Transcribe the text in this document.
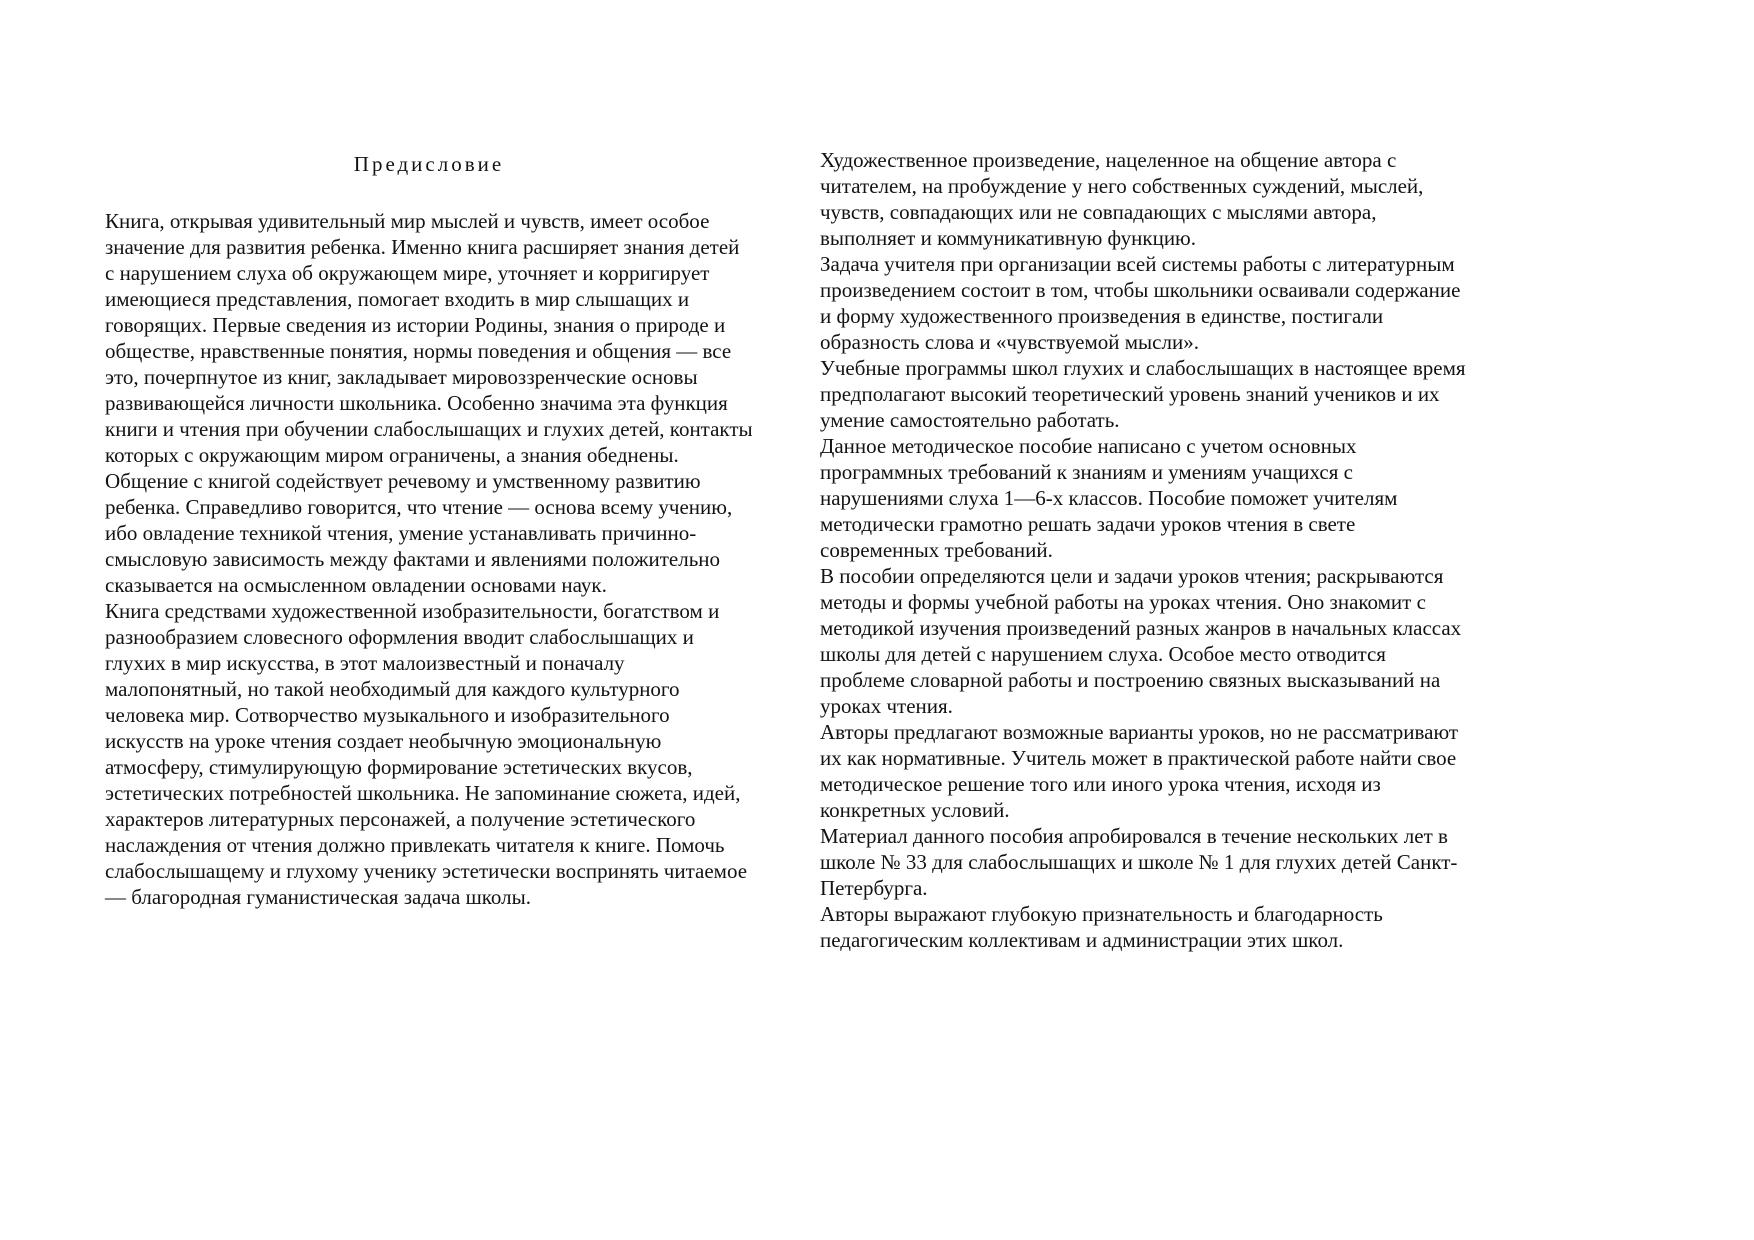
Предисловие

Книга, открывая удивительный мир мыслей и чувств, имеет особое значение для развития ребенка. Именно книга расширяет знания детей с нарушением слуха об окружающем мире, уточняет и корригирует имеющиеся представления, помогает входить в мир слышащих и говорящих. Первые сведения из истории Родины, знания о природе и обществе, нравственные понятия, нормы поведения и общения — все это, почерпнутое из книг, закладывает мировоззренческие основы развивающейся личности школьника. Особенно значима эта функция книги и чтения при обучении слабослышащих и глухих детей, контакты которых с окружающим миром ограничены, а знания обеднены.

Общение с книгой содействует речевому и умственному развитию ребенка. Справедливо говорится, что чтение — основа всему учению, ибо овладение техникой чтения, умение устанавливать причинно-смысловую зависимость между фактами и явлениями положительно сказывается на осмысленном овладении основами наук.

Книга средствами художественной изобразительности, богатством и разнообразием словесного оформления вводит слабослышащих и глухих в мир искусства, в этот малоизвестный и поначалу малопонятный, но такой необходимый для каждого культурного человека мир. Сотворчество музыкального и изобразительного искусств на уроке чтения создает необычную эмоциональную атмосферу, стимулирующую формирование эстетических вкусов, эстетических потребностей школьника. Не запоминание сюжета, идей, характеров литературных персонажей, а получение эстетического наслаждения от чтения должно привлекать читателя к книге. Помочь слабослышащему и глухому ученику эстетически воспринять читаемое — благородная гуманистическая задача школы.

Художественное произведение, нацеленное на общение автора с читателем, на пробуждение у него собственных суждений, мыслей, чувств, совпадающих или не совпадающих с мыслями автора, выполняет и коммуникативную функцию.

Задача учителя при организации всей системы работы с литературным произведением состоит в том, чтобы школьники осваивали содержание и форму художественного произведения в единстве, постигали образность слова и «чувствуемой мысли».

Учебные программы школ глухих и слабослышащих в настоящее время предполагают высокий теоретический уровень знаний учеников и их умение самостоятельно работать.

Данное методическое пособие написано с учетом основных программных требований к знаниям и умениям учащихся с нарушениями слуха 1—6-х классов. Пособие поможет учителям методически грамотно решать задачи уроков чтения в свете современных требований.

В пособии определяются цели и задачи уроков чтения; раскрываются методы и формы учебной работы на уроках чтения. Оно знакомит с методикой изучения произведений разных жанров в начальных классах школы для детей с нарушением слуха. Особое место отводится проблеме словарной работы и построению связных высказываний на уроках чтения.

Авторы предлагают возможные варианты уроков, но не рассматривают их как нормативные. Учитель может в практической работе найти свое методическое решение того или иного урока чтения, исходя из конкретных условий.

Материал данного пособия апробировался в течение нескольких лет в школе № 33 для слабослышащих и школе № 1 для глухих детей Санкт-Петербурга.

Авторы выражают глубокую признательность и благодарность педагогическим коллективам и администрации этих школ.
